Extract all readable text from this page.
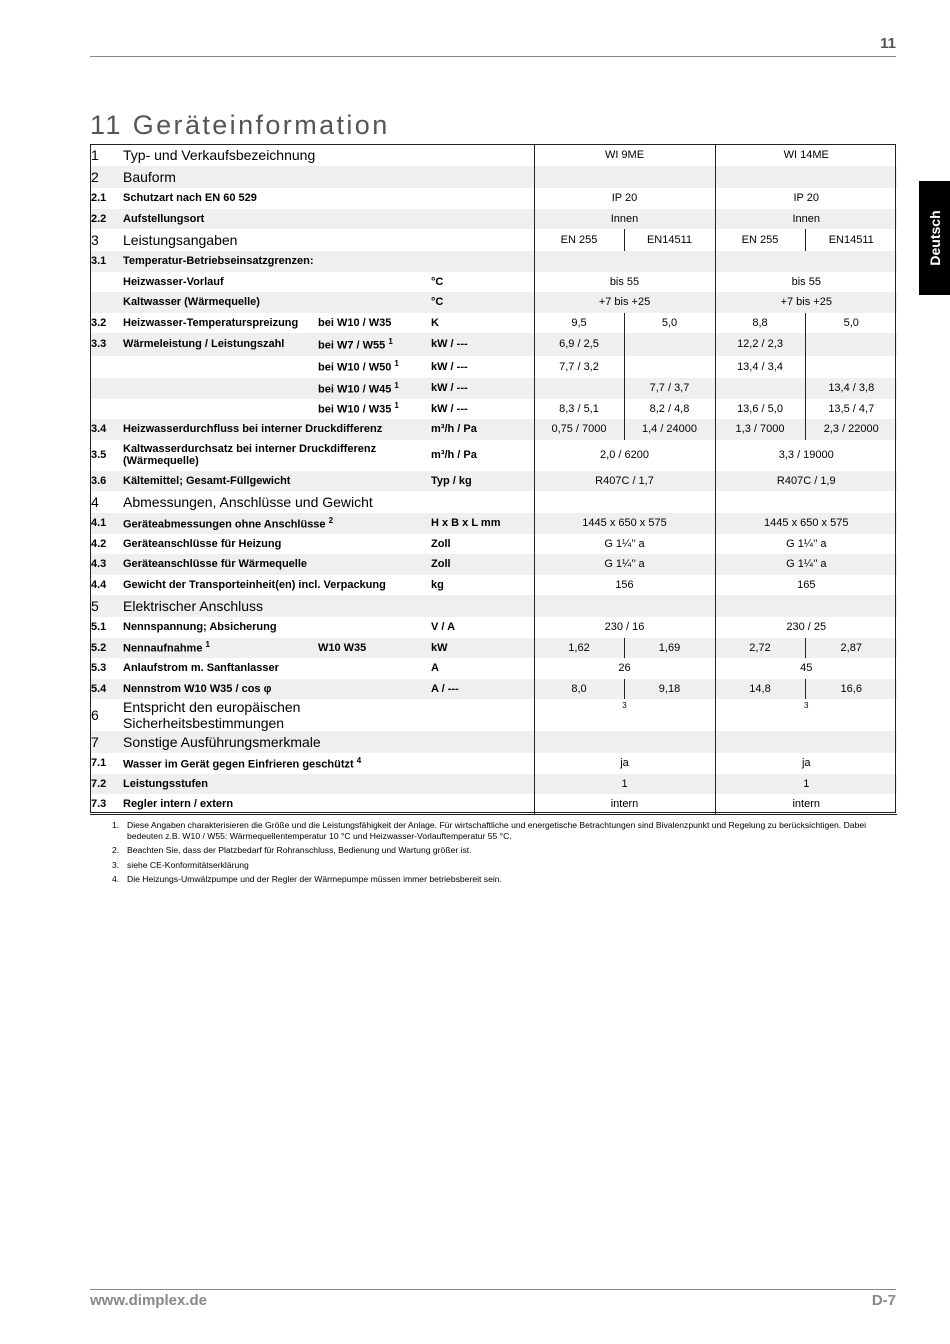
11
11 Geräteinformation
Deutsch
1	Typ- und Verkaufsbezeichnung			WI 9ME		WI 14ME	
2	Bauform						
2.1	Schutzart nach EN 60 529			IP 20		IP 20	
2.2	Aufstellungsort			Innen		Innen	
3	Leistungsangaben			EN 255	EN14511	EN 255	EN14511
3.1	Temperatur-Betriebseinsatzgrenzen:						
	Heizwasser-Vorlauf		°C	bis 55		bis 55	
	Kaltwasser (Wärmequelle)		°C	+7 bis +25		+7 bis +25	
3.2	Heizwasser-Temperaturspreizung	bei W10 / W35	K	9,5	5,0	8,8	5,0
3.3	Wärmeleistung / Leistungszahl	bei W7 / W55 $^1$	kW / ---	6,9 / 2,5		12,2 / 2,3	
		bei W10 / W50 $^1$	kW / ---	7,7 / 3,2		13,4 / 3,4	
		bei W10 / W45 $^1$	kW / ---		7,7 / 3,7		13,4 / 3,8
		bei W10 / W35 $^1$	kW / ---	8,3 / 5,1	8,2 / 4,8	13,6 / 5,0	13,5 / 4,7
3.4	Heizwasserdurchfluss bei interner Druckdifferenz		m³/h / Pa	0,75 / 7000	1,4 / 24000	1,3 / 7000	2,3 / 22000
3.5	Kaltwasserdurchsatz bei interner Druckdifferenz (Wärmequelle)		m³/h / Pa	2,0 / 6200		3,3 / 19000	
3.6	Kältemittel; Gesamt-Füllgewicht		Typ / kg	R407C / 1,7		R407C / 1,9	
4	Abmessungen, Anschlüsse und Gewicht						
4.1	Geräteabmessungen ohne Anschlüsse $^2$		H x B x L mm	1445 x 650 x 575		1445 x 650 x 575	
4.2	Geräteanschlüsse für Heizung		Zoll	G 1¼’’ a		G 1¼’’ a	
4.3	Geräteanschlüsse für Wärmequelle		Zoll	G 1¼’’ a		G 1¼’’ a	
4.4	Gewicht der Transporteinheit(en) incl. Verpackung		kg	156		165	
5	Elektrischer Anschluss						
5.1	Nennspannung; Absicherung		V / A	230 / 16		230 / 25	
5.2	Nennaufnahme $^1$	W10 W35	kW	1,62	1,69	2,72	2,87
5.3	Anlaufstrom m. Sanftanlasser		A	26		45	
5.4	Nennstrom W10 W35 / cos φ		A / ---	8,0	9,18	14,8	16,6
6	Entspricht den europäischen Sicherheitsbestimmungen			3		3	
7	Sonstige Ausführungsmerkmale						
7.1	Wasser im Gerät gegen Einfrieren geschützt $^4$			ja		ja	
7.2	Leistungsstufen			1		1	
7.3	Regler intern / extern			intern		intern	
1. Diese Angaben charakterisieren die Größe und die Leistungsfähigkeit der Anlage. Für wirtschaftliche und energetische Betrachtungen sind Bivalenzpunkt und Regelung zu berücksichtigen. Dabei bedeuten z.B. W10 / W55: Wärmequellentemperatur 10 °C und Heizwasser-Vorlauftemperatur 55 °C.
2. Beachten Sie, dass der Platzbedarf für Rohranschluss, Bedienung und Wartung größer ist.
3. siehe CE-Konformitätserklärung
4. Die Heizungs-Umwälzpumpe und der Regler der Wärmepumpe müssen immer betriebsbereit sein.
www.dimplex.de	D-7
